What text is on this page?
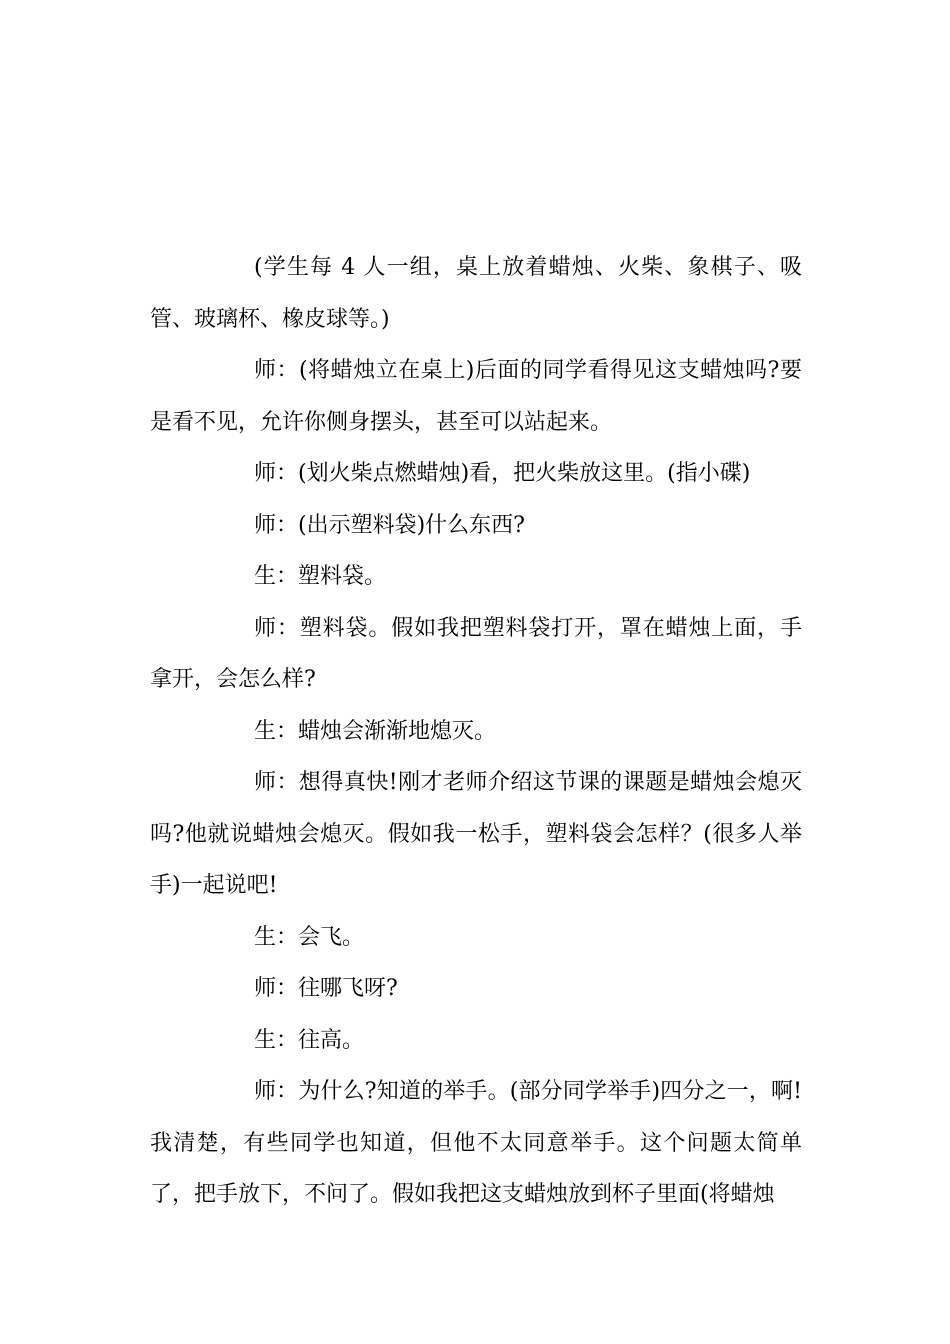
(学生每 4 人一组，桌上放着蜡烛、火柴、象棋子、吸管、玻璃杯、橡皮球等。)

师：(将蜡烛立在桌上)后面的同学看得见这支蜡烛吗?要是看不见，允许你侧身摆头，甚至可以站起来。

师：(划火柴点燃蜡烛)看，把火柴放这里。(指小碟)

师：(出示塑料袋)什么东西?

生：塑料袋。

师：塑料袋。假如我把塑料袋打开，罩在蜡烛上面，手拿开，会怎么样?

生：蜡烛会渐渐地熄灭。

师：想得真快!刚才老师介绍这节课的课题是蜡烛会熄灭吗?他就说蜡烛会熄灭。假如我一松手，塑料袋会怎样？(很多人举手)一起说吧!

生：会飞。

师：往哪飞呀?

生：往高。

师：为什么?知道的举手。(部分同学举手)四分之一，啊!我清楚，有些同学也知道，但他不太同意举手。这个问题太简单了，把手放下，不问了。假如我把这支蜡烛放到杯子里面(将蜡烛
